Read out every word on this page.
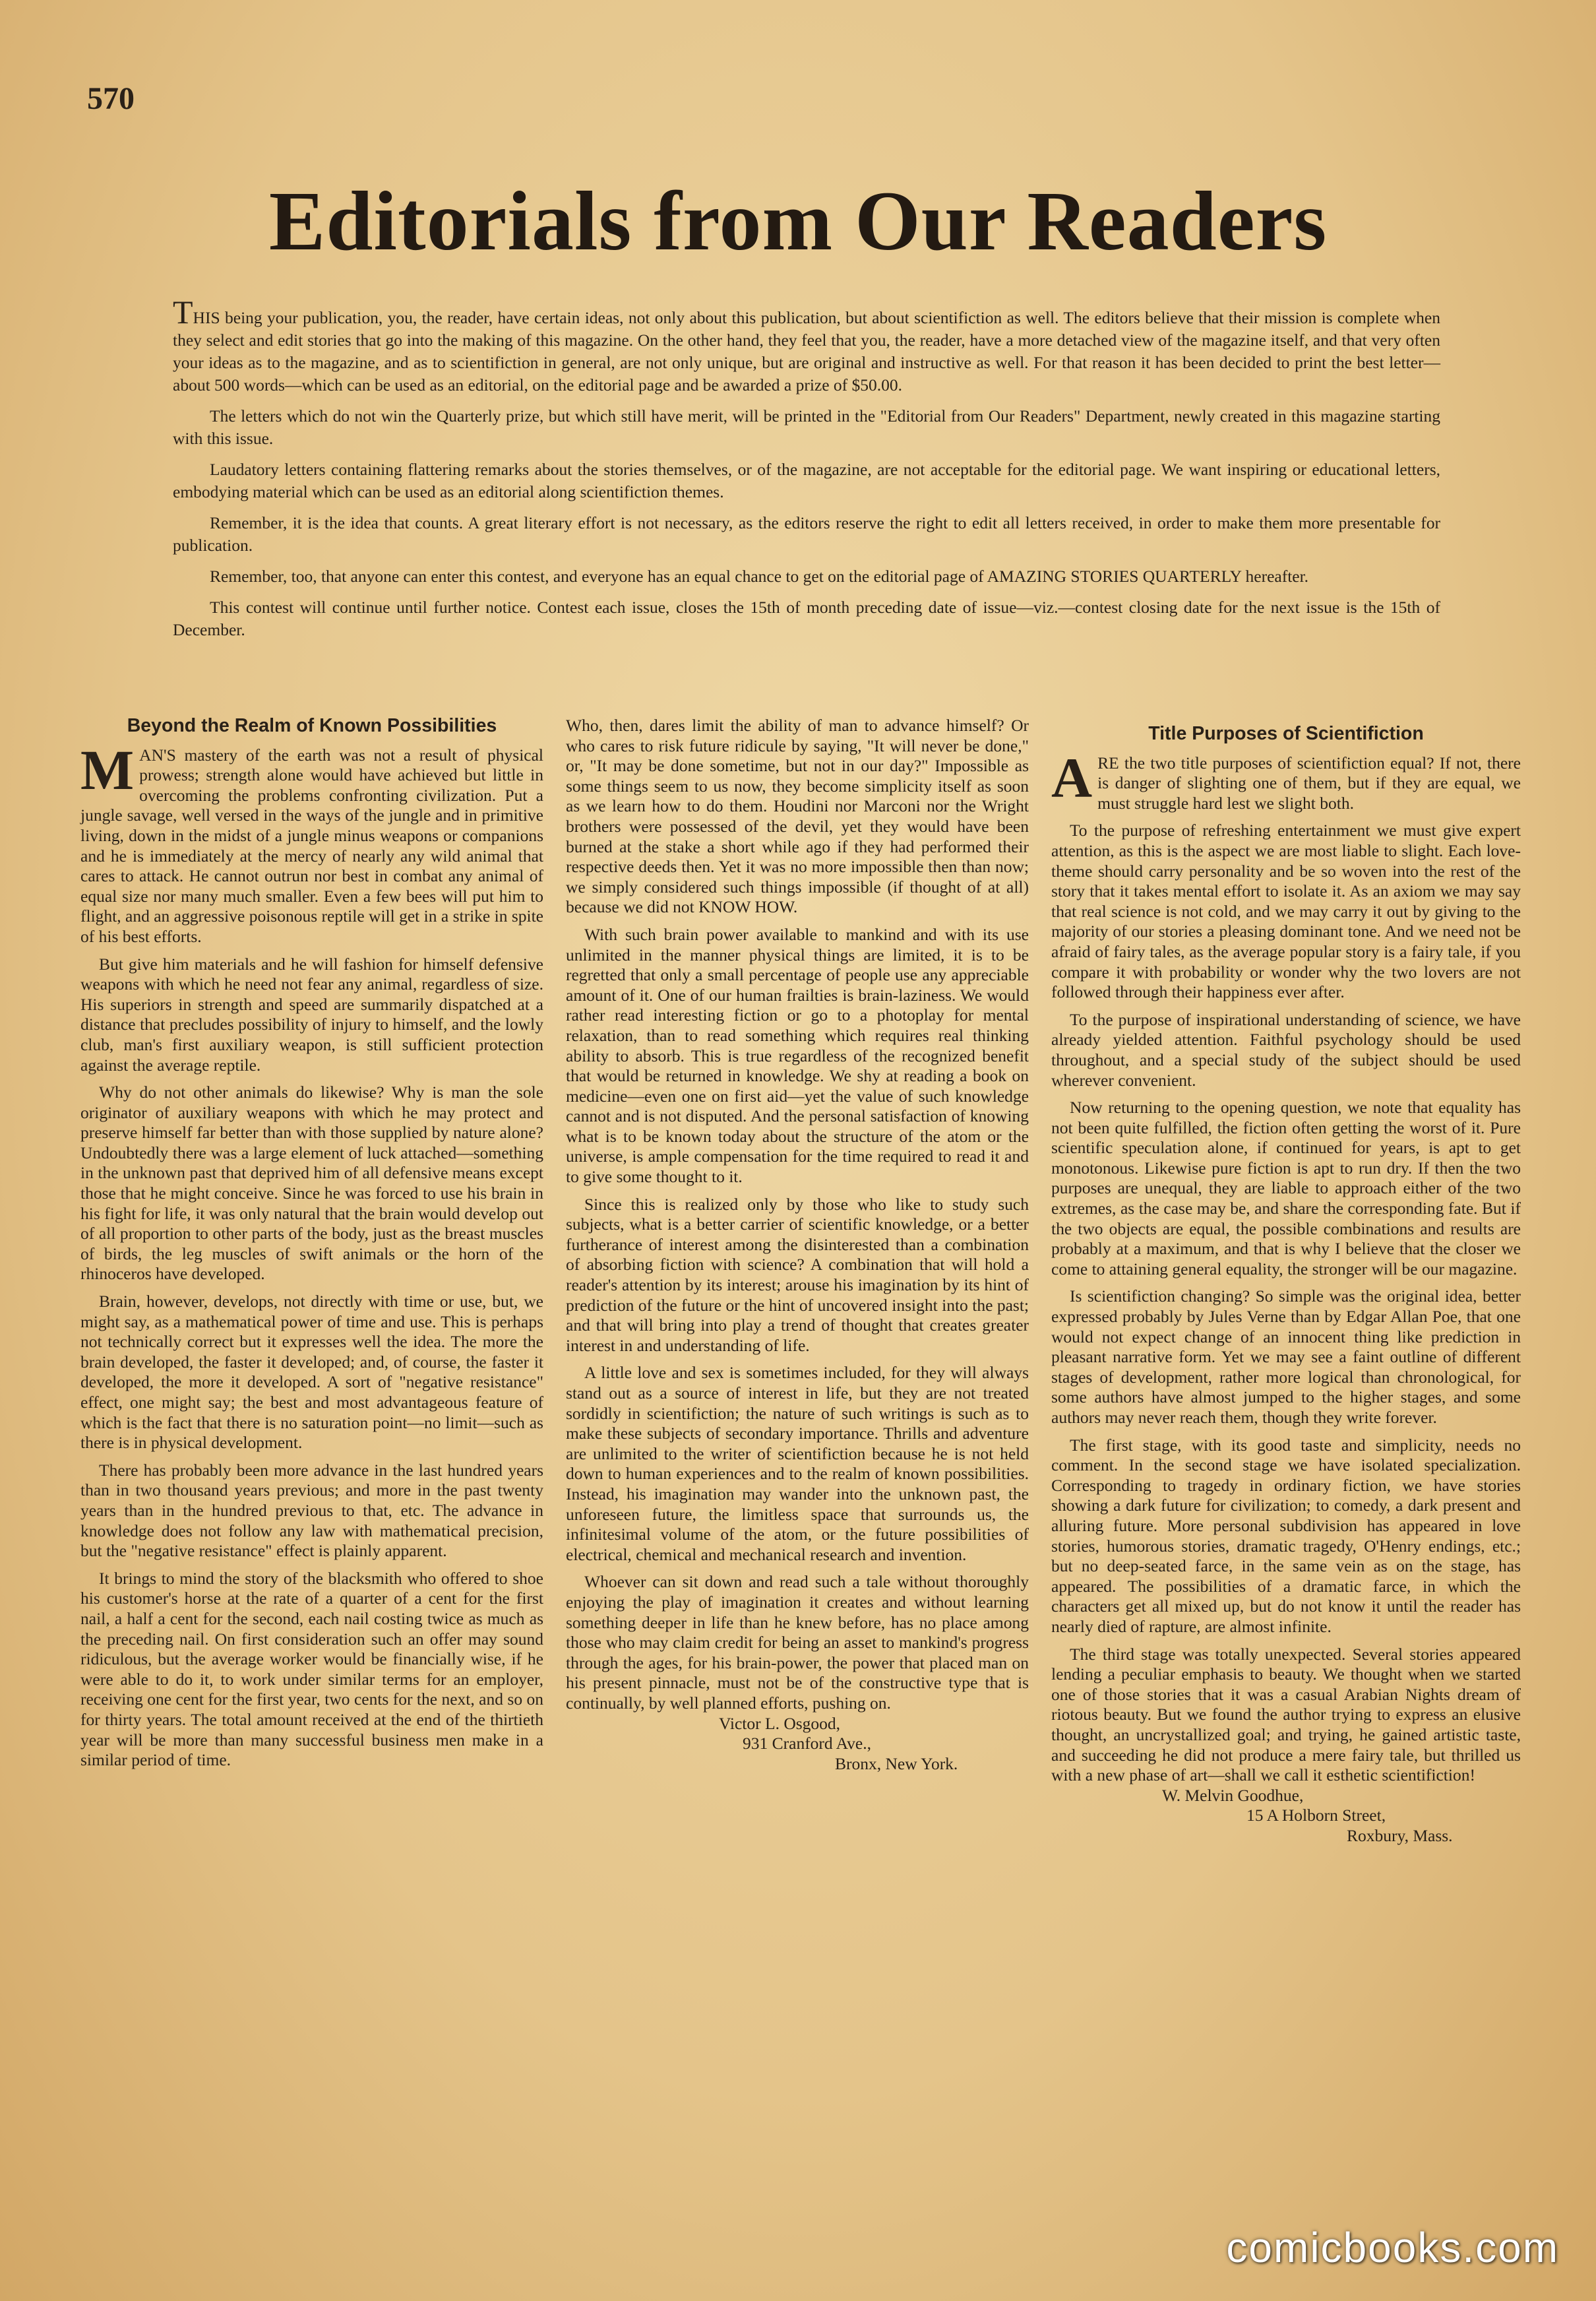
570
Editorials from Our Readers

THIS being your publication, you, the reader, have certain ideas, not only about this publication, but about scientifiction as well. The editors believe that their mission is complete when they select and edit stories that go into the making of this magazine. On the other hand, they feel that you, the reader, have a more detached view of the magazine itself, and that very often your ideas as to the magazine, and as to scientifiction in general, are not only unique, but are original and instructive as well. For that reason it has been decided to print the best letter—about 500 words—which can be used as an editorial, on the editorial page and be awarded a prize of $50.00.

The letters which do not win the Quarterly prize, but which still have merit, will be printed in the "Editorial from Our Readers" Department, newly created in this magazine starting with this issue.

Laudatory letters containing flattering remarks about the stories themselves, or of the magazine, are not acceptable for the editorial page. We want inspiring or educational letters, embodying material which can be used as an editorial along scientifiction themes.

Remember, it is the idea that counts. A great literary effort is not necessary, as the editors reserve the right to edit all letters received, in order to make them more presentable for publication.

Remember, too, that anyone can enter this contest, and everyone has an equal chance to get on the editorial page of AMAZING STORIES QUARTERLY hereafter.

This contest will continue until further notice. Contest each issue, closes the 15th of month preceding date of issue—viz.—contest closing date for the next issue is the 15th of December.

Beyond the Realm of Known Possibilities

MAN'S mastery of the earth was not a result of physical prowess; strength alone would have achieved but little in overcoming the problems confronting civilization. Put a jungle savage, well versed in the ways of the jungle and in primitive living, down in the midst of a jungle minus weapons or companions and he is immediately at the mercy of nearly any wild animal that cares to attack. He cannot outrun nor best in combat any animal of equal size nor many much smaller. Even a few bees will put him to flight, and an aggressive poisonous reptile will get in a strike in spite of his best efforts.

But give him materials and he will fashion for himself defensive weapons with which he need not fear any animal, regardless of size. His superiors in strength and speed are summarily dispatched at a distance that precludes possibility of injury to himself, and the lowly club, man's first auxiliary weapon, is still sufficient protection against the average reptile.

Why do not other animals do likewise? Why is man the sole originator of auxiliary weapons with which he may protect and preserve himself far better than with those supplied by nature alone? Undoubtedly there was a large element of luck attached—something in the unknown past that deprived him of all defensive means except those that he might conceive. Since he was forced to use his brain in his fight for life, it was only natural that the brain would develop out of all proportion to other parts of the body, just as the breast muscles of birds, the leg muscles of swift animals or the horn of the rhinoceros have developed.

Brain, however, develops, not directly with time or use, but, we might say, as a mathematical power of time and use. This is perhaps not technically correct but it expresses well the idea. The more the brain developed, the faster it developed; and, of course, the faster it developed, the more it developed. A sort of "negative resistance" effect, one might say; the best and most advantageous feature of which is the fact that there is no saturation point—no limit—such as there is in physical development.

There has probably been more advance in the last hundred years than in two thousand years previous; and more in the past twenty years than in the hundred previous to that, etc. The advance in knowledge does not follow any law with mathematical precision, but the "negative resistance" effect is plainly apparent.

It brings to mind the story of the blacksmith who offered to shoe his customer's horse at the rate of a quarter of a cent for the first nail, a half a cent for the second, each nail costing twice as much as the preceding nail. On first consideration such an offer may sound ridiculous, but the average worker would be financially wise, if he were able to do it, to work under similar terms for an employer, receiving one cent for the first year, two cents for the next, and so on for thirty years. The total amount received at the end of the thirtieth year will be more than many successful business men make in a similar period of time.

Who, then, dares limit the ability of man to advance himself? Or who cares to risk future ridicule by saying, "It will never be done," or, "It may be done sometime, but not in our day?" Impossible as some things seem to us now, they become simplicity itself as soon as we learn how to do them. Houdini nor Marconi nor the Wright brothers were possessed of the devil, yet they would have been burned at the stake a short while ago if they had performed their respective deeds then. Yet it was no more impossible then than now; we simply considered such things impossible (if thought of at all) because we did not KNOW HOW.

With such brain power available to mankind and with its use unlimited in the manner physical things are limited, it is to be regretted that only a small percentage of people use any appreciable amount of it. One of our human frailties is brain-laziness. We would rather read interesting fiction or go to a photoplay for mental relaxation, than to read something which requires real thinking ability to absorb. This is true regardless of the recognized benefit that would be returned in knowledge. We shy at reading a book on medicine—even one on first aid—yet the value of such knowledge cannot and is not disputed. And the personal satisfaction of knowing what is to be known today about the structure of the atom or the universe, is ample compensation for the time required to read it and to give some thought to it.

Since this is realized only by those who like to study such subjects, what is a better carrier of scientific knowledge, or a better furtherance of interest among the disinterested than a combination of absorbing fiction with science? A combination that will hold a reader's attention by its interest; arouse his imagination by its hint of prediction of the future or the hint of uncovered insight into the past; and that will bring into play a trend of thought that creates greater interest in and understanding of life.

A little love and sex is sometimes included, for they will always stand out as a source of interest in life, but they are not treated sordidly in scientifiction; the nature of such writings is such as to make these subjects of secondary importance. Thrills and adventure are unlimited to the writer of scientifiction because he is not held down to human experiences and to the realm of known possibilities. Instead, his imagination may wander into the unknown past, the unforeseen future, the limitless space that surrounds us, the infinitesimal volume of the atom, or the future possibilities of electrical, chemical and mechanical research and invention.

Whoever can sit down and read such a tale without thoroughly enjoying the play of imagination it creates and without learning something deeper in life than he knew before, has no place among those who may claim credit for being an asset to mankind's progress through the ages, for his brain-power, the power that placed man on his present pinnacle, must not be of the constructive type that is continually, by well planned efforts, pushing on.

Victor L. Osgood,
931 Cranford Ave.,
Bronx, New York.
Title Purposes of Scientifiction

ARE the two title purposes of scientifiction equal? If not, there is danger of slighting one of them, but if they are equal, we must struggle hard lest we slight both.

To the purpose of refreshing entertainment we must give expert attention, as this is the aspect we are most liable to slight. Each love-theme should carry personality and be so woven into the rest of the story that it takes mental effort to isolate it. As an axiom we may say that real science is not cold, and we may carry it out by giving to the majority of our stories a pleasing dominant tone. And we need not be afraid of fairy tales, as the average popular story is a fairy tale, if you compare it with probability or wonder why the two lovers are not followed through their happiness ever after.

To the purpose of inspirational understanding of science, we have already yielded attention. Faithful psychology should be used throughout, and a special study of the subject should be used wherever convenient.

Now returning to the opening question, we note that equality has not been quite fulfilled, the fiction often getting the worst of it. Pure scientific speculation alone, if continued for years, is apt to get monotonous. Likewise pure fiction is apt to run dry. If then the two purposes are unequal, they are liable to approach either of the two extremes, as the case may be, and share the corresponding fate. But if the two objects are equal, the possible combinations and results are probably at a maximum, and that is why I believe that the closer we come to attaining general equality, the stronger will be our magazine.

Is scientifiction changing? So simple was the original idea, better expressed probably by Jules Verne than by Edgar Allan Poe, that one would not expect change of an innocent thing like prediction in pleasant narrative form. Yet we may see a faint outline of different stages of development, rather more logical than chronological, for some authors have almost jumped to the higher stages, and some authors may never reach them, though they write forever.

The first stage, with its good taste and simplicity, needs no comment. In the second stage we have isolated specialization. Corresponding to tragedy in ordinary fiction, we have stories showing a dark future for civilization; to comedy, a dark present and alluring future. More personal subdivision has appeared in love stories, humorous stories, dramatic tragedy, O'Henry endings, etc.; but no deep-seated farce, in the same vein as on the stage, has appeared. The possibilities of a dramatic farce, in which the characters get all mixed up, but do not know it until the reader has nearly died of rapture, are almost infinite.

The third stage was totally unexpected. Several stories appeared lending a peculiar emphasis to beauty. We thought when we started one of those stories that it was a casual Arabian Nights dream of riotous beauty. But we found the author trying to express an elusive thought, an uncrystallized goal; and trying, he gained artistic taste, and succeeding he did not produce a mere fairy tale, but thrilled us with a new phase of art—shall we call it esthetic scientifiction!

W. Melvin Goodhue,
15 A Holborn Street,
Roxbury, Mass.
comicbooks.com
